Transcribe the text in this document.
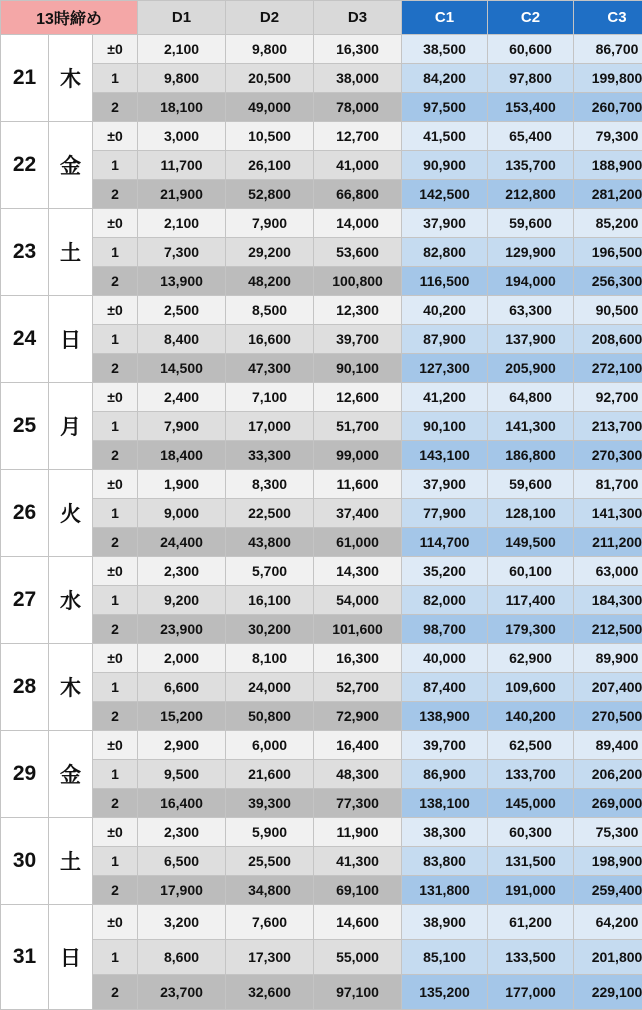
13時締め			D1	D2	D3	C1	C2	C3
21	木	±0	2,100	9,800	16,300	38,500	60,600	86,700
		1	9,800	20,500	38,000	84,200	97,800	199,800
		2	18,100	49,000	78,000	97,500	153,400	260,700
22	金	±0	3,000	10,500	12,700	41,500	65,400	79,300
		1	11,700	26,100	41,000	90,900	135,700	188,900
		2	21,900	52,800	66,800	142,500	212,800	281,200
23	土	±0	2,100	7,900	14,000	37,900	59,600	85,200
		1	7,300	29,200	53,600	82,800	129,900	196,500
		2	13,900	48,200	100,800	116,500	194,000	256,300
24	日	±0	2,500	8,500	12,300	40,200	63,300	90,500
		1	8,400	16,600	39,700	87,900	137,900	208,600
		2	14,500	47,300	90,100	127,300	205,900	272,100
25	月	±0	2,400	7,100	12,600	41,200	64,800	92,700
		1	7,900	17,000	51,700	90,100	141,300	213,700
		2	18,400	33,300	99,000	143,100	186,800	270,300
26	火	±0	1,900	8,300	11,600	37,900	59,600	81,700
		1	9,000	22,500	37,400	77,900	128,100	141,300
		2	24,400	43,800	61,000	114,700	149,500	211,200
27	水	±0	2,300	5,700	14,300	35,200	60,100	63,000
		1	9,200	16,100	54,000	82,000	117,400	184,300
		2	23,900	30,200	101,600	98,700	179,300	212,500
28	木	±0	2,000	8,100	16,300	40,000	62,900	89,900
		1	6,600	24,000	52,700	87,400	109,600	207,400
		2	15,200	50,800	72,900	138,900	140,200	270,500
29	金	±0	2,900	6,000	16,400	39,700	62,500	89,400
		1	9,500	21,600	48,300	86,900	133,700	206,200
		2	16,400	39,300	77,300	138,100	145,000	269,000
30	土	±0	2,300	5,900	11,900	38,300	60,300	75,300
		1	6,500	25,500	41,300	83,800	131,500	198,900
		2	17,900	34,800	69,100	131,800	191,000	259,400
31	日	±0	3,200	7,600	14,600	38,900	61,200	64,200
		1	8,600	17,300	55,000	85,100	133,500	201,800
		2	23,700	32,600	97,100	135,200	177,000	229,100
